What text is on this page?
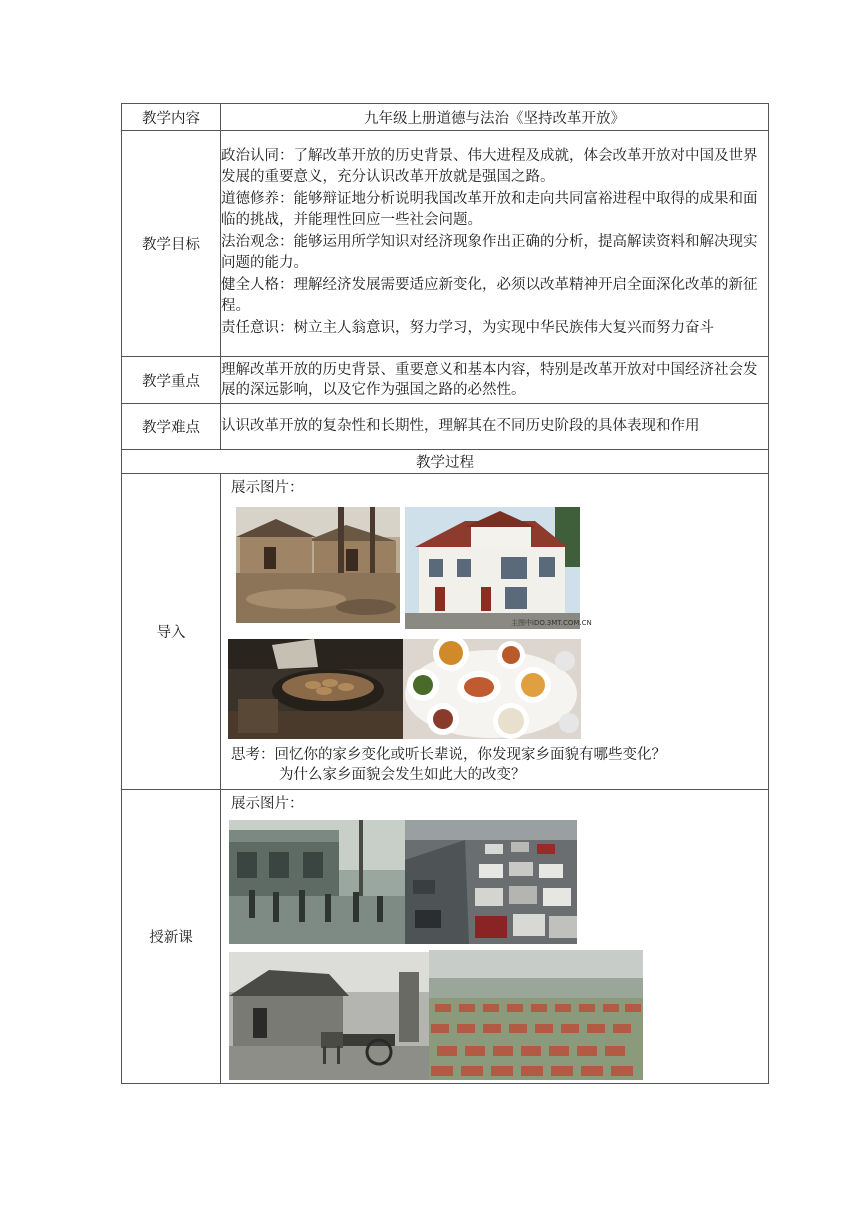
教学内容	九年级上册道德与法治《坚持改革开放》
教学目标	政治认同：了解改革开放的历史背景、伟大进程及成就，体会改革开放对中国及世界发展的重要意义，充分认识改革开放就是强国之路。

道德修养：能够辩证地分析说明我国改革开放和走向共同富裕进程中取得的成果和面临的挑战，并能理性回应一些社会问题。

法治观念：能够运用所学知识对经济现象作出正确的分析，提高解读资料和解决现实问题的能力。

健全人格：理解经济发展需要适应新变化，必须以改革精神开启全面深化改革的新征程。

责任意识：树立主人翁意识，努力学习，为实现中华民族伟大复兴而努力奋斗

教学重点	理解改革开放的历史背景、重要意义和基本内容，特别是改革开放对中国经济社会发展的深远影响，以及它作为强国之路的必然性。
教学难点	认识改革开放的复杂性和长期性，理解其在不同历史阶段的具体表现和作用
教学过程	
导入	展示图片：
主图中iDO.3MT.COM.CN
思考：回忆你的家乡变化或听长辈说，你发现家乡面貌有哪些变化？
为什么家乡面貌会发生如此大的改变？

授新课	展示图片：
